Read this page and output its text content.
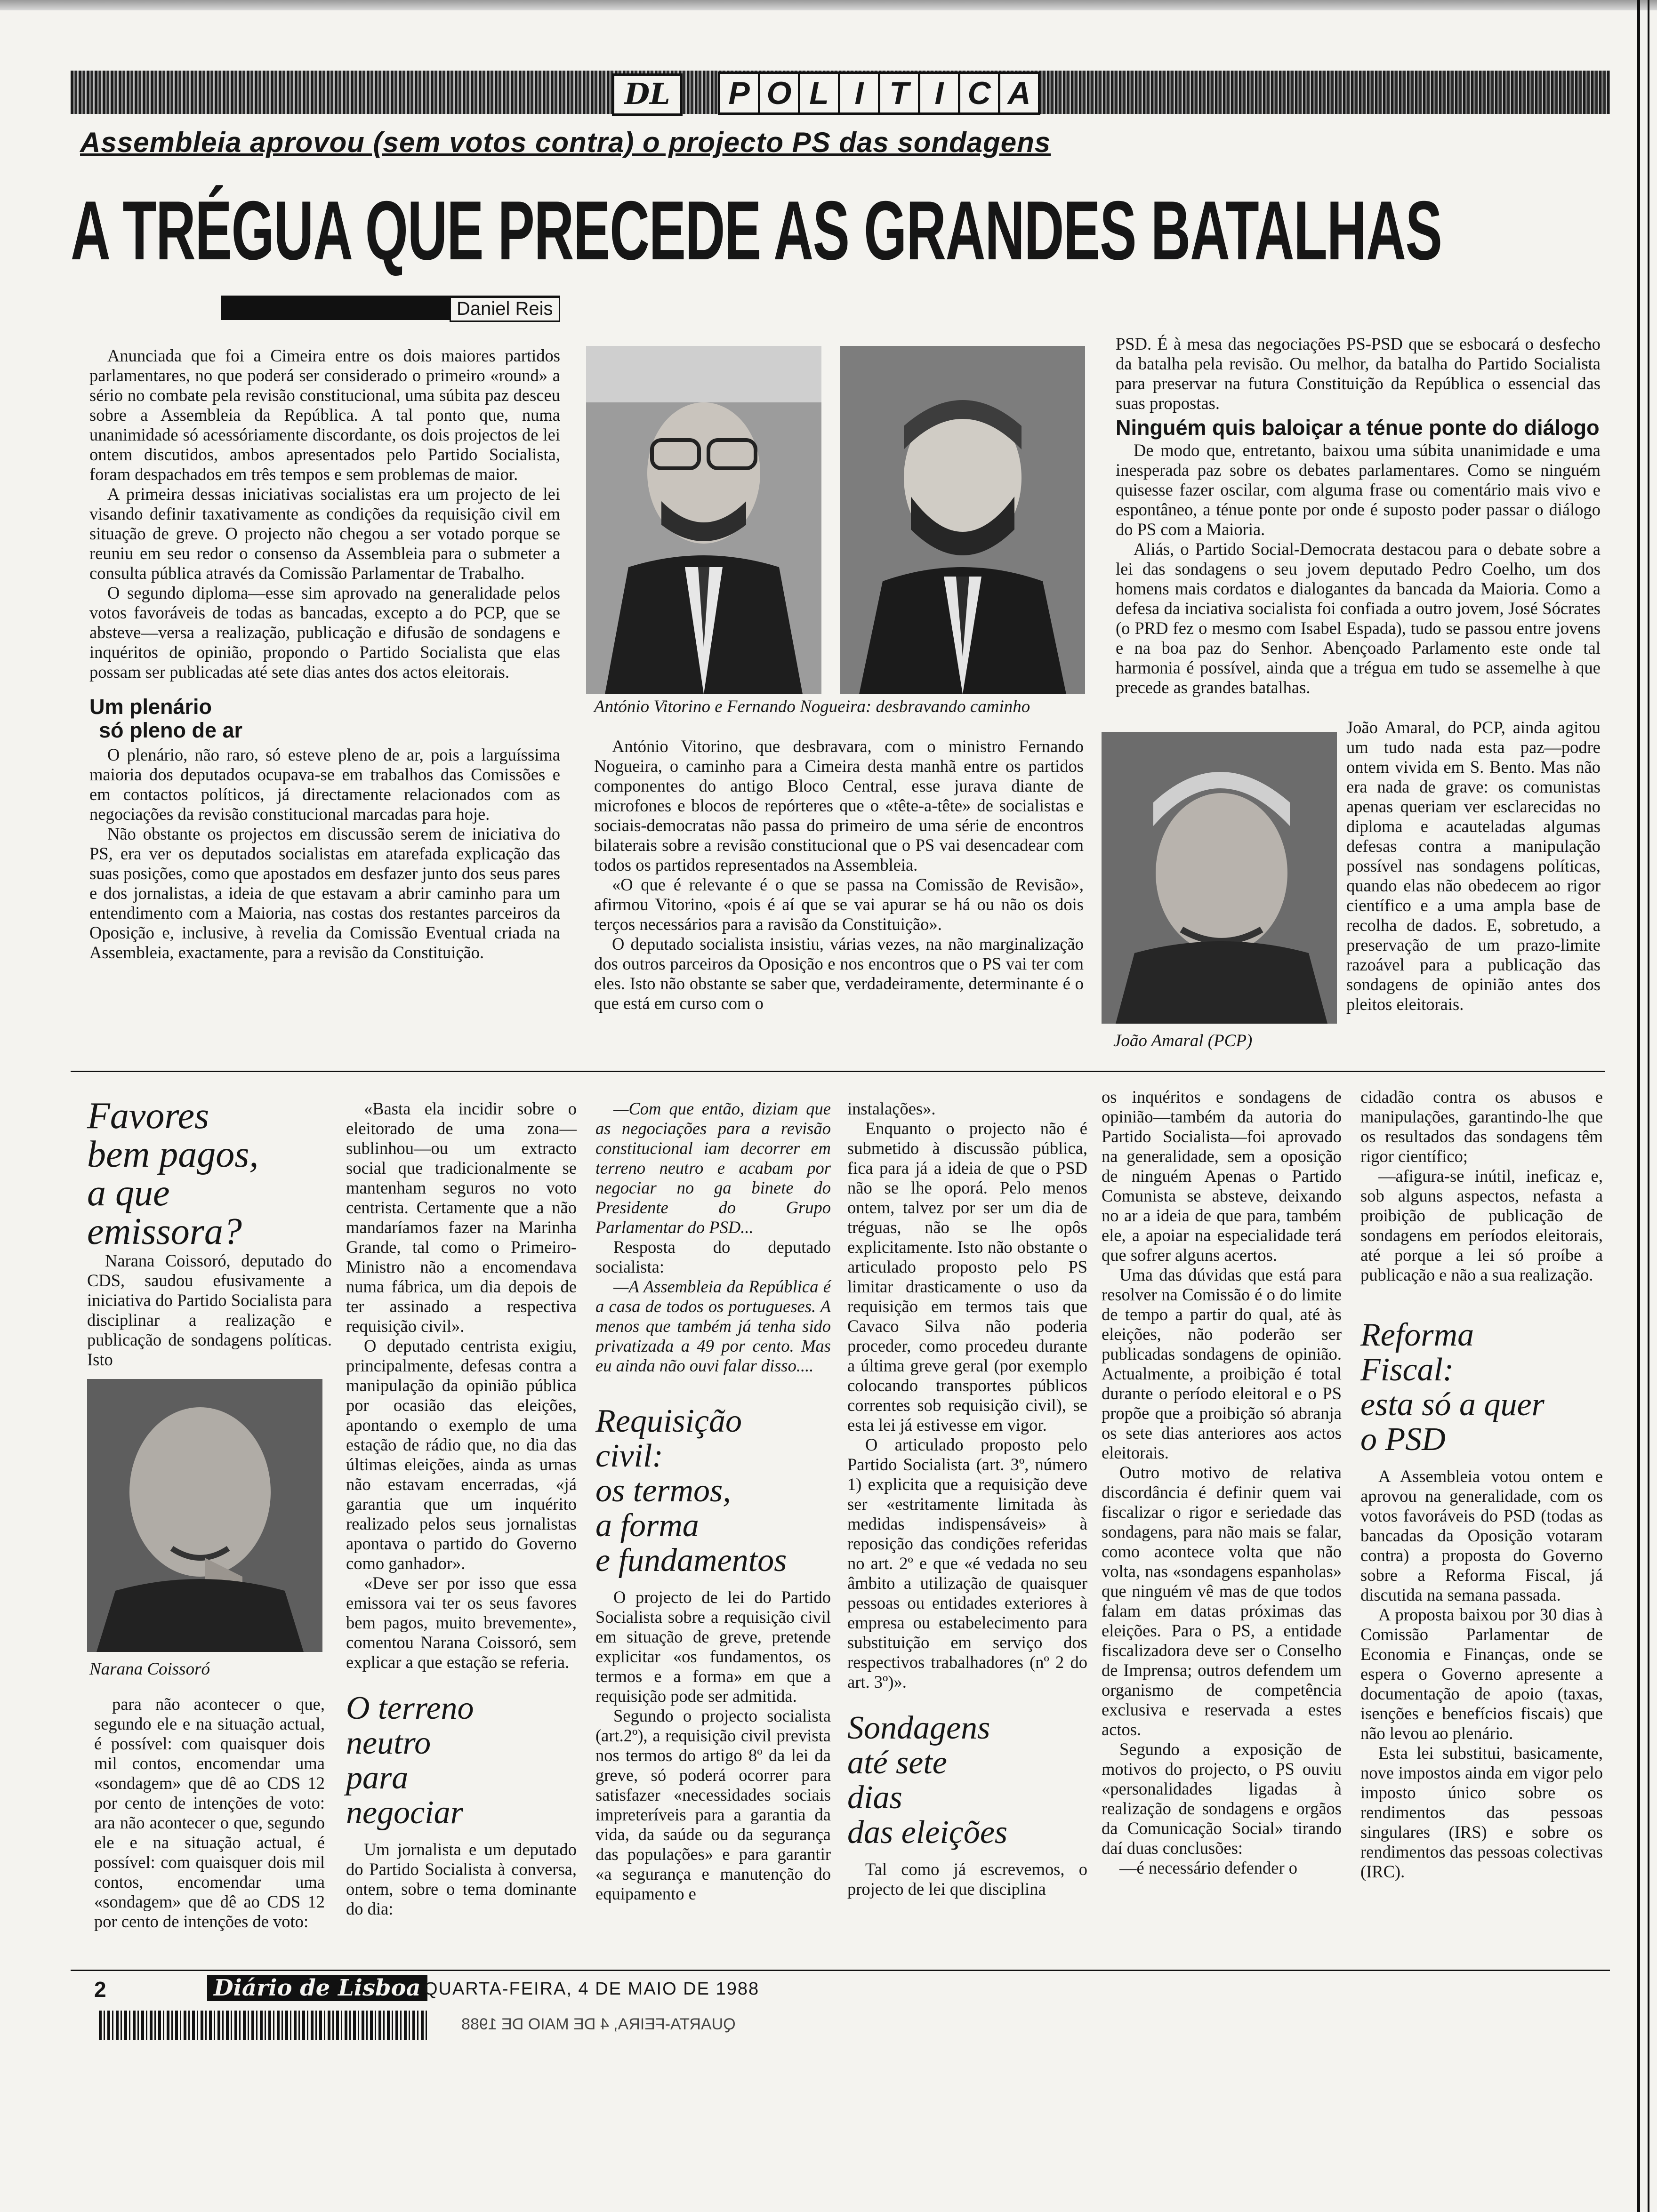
DL	P O L I T I C A
Assembleia aprovou (sem votos contra) o projecto PS das sondagens
A TRÉGUA QUE PRECEDE AS GRANDES BATALHAS
Daniel Reis

Anunciada que foi a Cimeira entre os dois maiores partidos parlamentares, no que poderá ser considerado o primeiro «round» a sério no combate pela revisão constitucional, uma súbita paz desceu sobre a Assembleia da República. A tal ponto que, numa unanimidade só acessóriamente discordante, os dois projectos de lei ontem discutidos, ambos apresentados pelo Partido Socialista, foram despachados em três tempos e sem problemas de maior.

A primeira dessas iniciativas socialistas era um projecto de lei visando definir taxativamente as condições da requisição civil em situação de greve. O projecto não chegou a ser votado porque se reuniu em seu redor o consenso da Assembleia para o submeter a consulta pública através da Comissão Parlamentar de Trabalho.

O segundo diploma—esse sim aprovado na generalidade pelos votos favoráveis de todas as bancadas, excepto a do PCP, que se absteve—versa a realização, publicação e difusão de sondagens e inquéritos de opinião, propondo o Partido Socialista que elas possam ser publicadas até sete dias antes dos actos eleitorais.

Um plenário
só pleno de ar

O plenário, não raro, só esteve pleno de ar, pois a larguíssima maioria dos deputados ocupava-se em trabalhos das Comissões e em contactos políticos, já directamente relacionados com as negociações da revisão constitucional marcadas para hoje.

Não obstante os projectos em discussão serem de iniciativa do PS, era ver os deputados socialistas em atarefada explicação das suas posições, como que apostados em desfazer junto dos seus pares e dos jornalistas, a ideia de que estavam a abrir caminho para um entendimento com a Maioria, nas costas dos restantes parceiros da Oposição e, inclusive, à revelia da Comissão Eventual criada na Assembleia, exactamente, para a revisão da Constituição.

António Vitorino e Fernando Nogueira: desbravando caminho

António Vitorino, que desbravara, com o ministro Fernando Nogueira, o caminho para a Cimeira desta manhã entre os partidos componentes do antigo Bloco Central, esse jurava diante de microfones e blocos de repórteres que o «tête-a-tête» de socialistas e sociais-democratas não passa do primeiro de uma série de encontros bilaterais sobre a revisão constitucional que o PS vai desencadear com todos os partidos representados na Assembleia.

«O que é relevante é o que se passa na Comissão de Revisão», afirmou Vitorino, «pois é aí que se vai apurar se há ou não os dois terços necessários para a ravisão da Constituição».

O deputado socialista insistiu, várias vezes, na não marginalização dos outros parceiros da Oposição e nos encontros que o PS vai ter com eles. Isto não obstante se saber que, verdadeiramente, determinante é o que está em curso com o

PSD. É à mesa das negociações PS-PSD que se esbocará o desfecho da batalha pela revisão. Ou melhor, da batalha do Partido Socialista para preservar na futura Constituição da República o essencial das suas propostas.

Ninguém quis baloiçar a ténue ponte do diálogo

De modo que, entretanto, baixou uma súbita unanimidade e uma inesperada paz sobre os debates parlamentares. Como se ninguém quisesse fazer oscilar, com alguma frase ou comentário mais vivo e espontâneo, a ténue ponte por onde é suposto poder passar o diálogo do PS com a Maioria.

Aliás, o Partido Social-Democrata destacou para o debate sobre a lei das sondagens o seu jovem deputado Pedro Coelho, um dos homens mais cordatos e dialogantes da bancada da Maioria. Como a defesa da inciativa socialista foi confiada a outro jovem, José Sócrates (o PRD fez o mesmo com Isabel Espada), tudo se passou entre jovens e na boa paz do Senhor. Abençoado Parlamento este onde tal harmonia é possível, ainda que a trégua em tudo se assemelhe à que precede as grandes batalhas.

João Amaral (PCP)

João Amaral, do PCP, ainda agitou um tudo nada esta paz—podre ontem vivida em S. Bento. Mas não era nada de grave: os comunistas apenas queriam ver esclarecidas no diploma e acauteladas algumas defesas contra a manipulação possível nas sondagens políticas, quando elas não obedecem ao rigor científico e a uma ampla base de recolha de dados. E, sobretudo, a preservação de um prazo-limite razoável para a publicação das sondagens de opinião antes dos pleitos eleitorais.

Favores
bem pagos,
a que
emissora?

Narana Coissoró, deputado do CDS, saudou efusivamente a iniciativa do Partido Socialista para disciplinar a realização e publicação de sondagens políticas. Isto

Narana Coissoró

para não acontecer o que, segundo ele e na situação actual, é possível: com quaisquer dois mil contos, encomendar uma «sondagem» que dê ao CDS 12 por cento de intenções de voto: ara não acontecer o que, segundo ele e na situação actual, é possível: com quaisquer dois mil contos, encomendar uma «sondagem» que dê ao CDS 12 por cento de intenções de voto:

«Basta ela incidir sobre o eleitorado de uma zona—sublinhou—ou um extracto social que tradicionalmente se mantenham seguros no voto centrista. Certamente que a não mandaríamos fazer na Marinha Grande, tal como o Primeiro-Ministro não a encomendava numa fábrica, um dia depois de ter assinado a respectiva requisição civil».

O deputado centrista exigiu, principalmente, defesas contra a manipulação da opinião pública por ocasião das eleições, apontando o exemplo de uma estação de rádio que, no dia das últimas eleições, ainda as urnas não estavam encerradas, «já garantia que um inquérito realizado pelos seus jornalistas apontava o partido do Governo como ganhador».

«Deve ser por isso que essa emissora vai ter os seus favores bem pagos, muito brevemente», comentou Narana Coissoró, sem explicar a que estação se referia.

O terreno
neutro
para
negociar

Um jornalista e um deputado do Partido Socialista à conversa, ontem, sobre o tema dominante do dia:

—Com que então, diziam que as negociações para a revisão constitucional iam decorrer em terreno neutro e acabam por negociar no ga binete do Presidente do Grupo Parlamentar do PSD...

Resposta do deputado socialista:

—A Assembleia da República é a casa de todos os portugueses. A menos que também já tenha sido privatizada a 49 por cento. Mas eu ainda não ouvi falar disso....

Requisição
civil:
os termos,
a forma
e fundamentos

O projecto de lei do Partido Socialista sobre a requisição civil em situação de greve, pretende explicitar «os fundamentos, os termos e a forma» em que a requisição pode ser admitida.

Segundo o projecto socialista (art.2º), a requisição civil prevista nos termos do artigo 8º da lei da greve, só poderá ocorrer para satisfazer «necessidades sociais impreteríveis para a garantia da vida, da saúde ou da segurança das populações» e para garantir «a segurança e manutenção do equipamento e

instalações».

Enquanto o projecto não é submetido à discussão pública, fica para já a ideia de que o PSD não se lhe oporá. Pelo menos ontem, talvez por ser um dia de tréguas, não se lhe opôs explicitamente. Isto não obstante o articulado proposto pelo PS limitar drasticamente o uso da requisição em termos tais que Cavaco Silva não poderia proceder, como procedeu durante a última greve geral (por exemplo colocando transportes públicos correntes sob requisição civil), se esta lei já estivesse em vigor.

O articulado proposto pelo Partido Socialista (art. 3º, número 1) explicita que a requisição deve ser «estritamente limitada às medidas indispensáveis» à reposição das condições referidas no art. 2º e que «é vedada no seu âmbito a utilização de quaisquer pessoas ou entidades exteriores à empresa ou estabelecimento para substituição em serviço dos respectivos trabalhadores (nº 2 do art. 3º)».

Sondagens
até sete
dias
das eleições

Tal como já escrevemos, o projecto de lei que disciplina

os inquéritos e sondagens de opinião—também da autoria do Partido Socialista—foi aprovado na generalidade, sem a oposição de ninguém Apenas o Partido Comunista se absteve, deixando no ar a ideia de que para, também ele, a apoiar na especialidade terá que sofrer alguns acertos.

Uma das dúvidas que está para resolver na Comissão é o do limite de tempo a partir do qual, até às eleições, não poderão ser publicadas sondagens de opinião. Actualmente, a proibição é total durante o período eleitoral e o PS propõe que a proibição só abranja os sete dias anteriores aos actos eleitorais.

Outro motivo de relativa discordância é definir quem vai fiscalizar o rigor e seriedade das sondagens, para não mais se falar, como acontece volta que não volta, nas «sondagens espanholas» que ninguém vê mas de que todos falam em datas próximas das eleições. Para o PS, a entidade fiscalizadora deve ser o Conselho de Imprensa; outros defendem um organismo de competência exclusiva e reservada a estes actos.

Segundo a exposição de motivos do projecto, o PS ouviu «personalidades ligadas à realização de sondagens e orgãos da Comunicação Social» tirando daí duas conclusões:

—é necessário defender o

cidadão contra os abusos e manipulações, garantindo-lhe que os resultados das sondagens têm rigor científico;

—afigura-se inútil, ineficaz e, sob alguns aspectos, nefasta a proibição de publicação de sondagens em períodos eleitorais, até porque a lei só proíbe a publicação e não a sua realização.

Reforma
Fiscal:
esta só a quer
o PSD

A Assembleia votou ontem e aprovou na generalidade, com os votos favoráveis do PSD (todas as bancadas da Oposição votaram contra) a proposta do Governo sobre a Reforma Fiscal, já discutida na semana passada.

A proposta baixou por 30 dias à Comissão Parlamentar de Economia e Finanças, onde se espera o Governo apresente a documentação de apoio (taxas, isenções e benefícios fiscais) que não levou ao plenário.

Esta lei substitui, basicamente, nove impostos ainda em vigor pelo imposto único sobre os rendimentos das pessoas singulares (IRS) e sobre os rendimentos das pessoas colectivas (IRC).

2	Diário de Lisboa QUARTA-FEIRA, 4 DE MAIO DE 1988
QUARTA-FEIRA, 4 DE MAIO DE 1988
